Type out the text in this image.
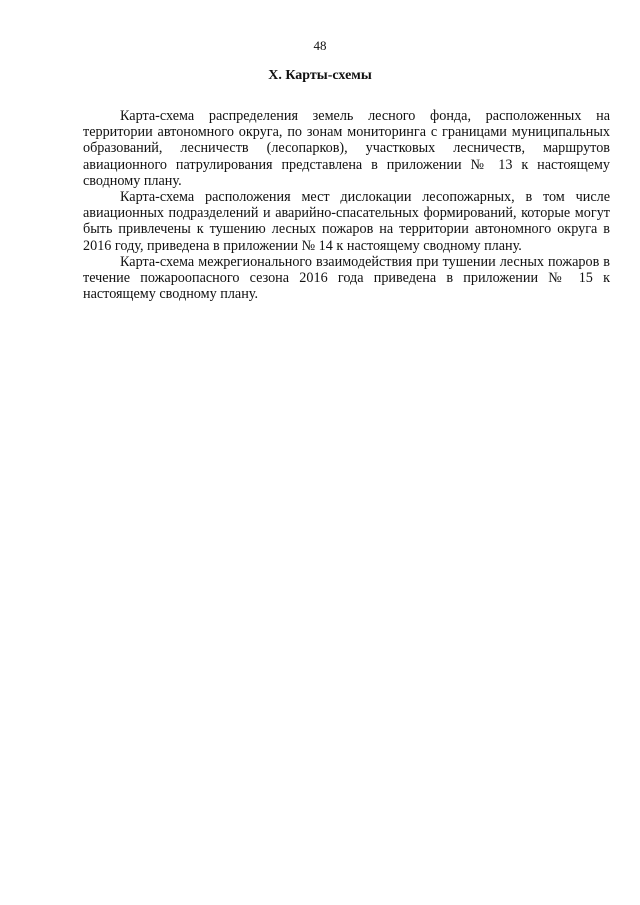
48
X. Карты-схемы

Карта-схема распределения земель лесного фонда, расположенных на территории автономного округа, по зонам мониторинга с границами муниципальных образований, лесничеств (лесопарков), участковых лесничеств, маршрутов авиационного патрулирования представлена в приложении № 13 к настоящему сводному плану.

Карта-схема расположения мест дислокации лесопожарных, в том числе авиационных подразделений и аварийно-спасательных формирований, которые могут быть привлечены к тушению лесных пожаров на территории автономного округа в 2016 году, приведена в приложении № 14 к настоящему сводному плану.

Карта-схема межрегионального взаимодействия при тушении лесных пожаров в течение пожароопасного сезона 2016 года приведена в приложении № 15 к настоящему сводному плану.
